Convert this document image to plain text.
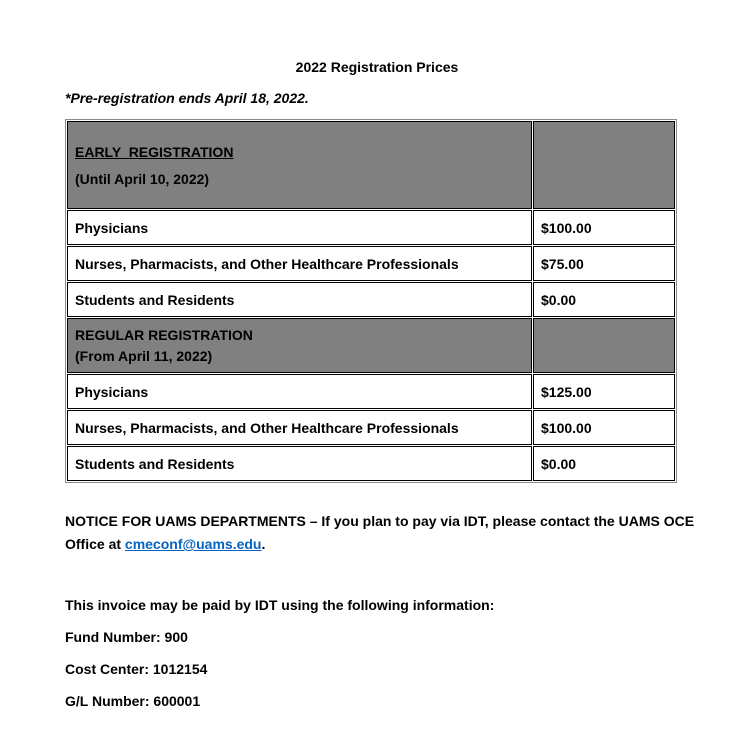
2022 Registration Prices
*Pre-registration ends April 18, 2022.
EARLY  REGISTRATION
(Until April 10, 2022)	

Physicians	$100.00
Nurses, Pharmacists, and Other Healthcare Professionals	$75.00
Students and Residents	$0.00

REGULAR REGISTRATION
(From April 11, 2022)	

Physicians	$125.00
Nurses, Pharmacists, and Other Healthcare Professionals	$100.00
Students and Residents	$0.00
NOTICE FOR UAMS DEPARTMENTS – If you plan to pay via IDT, please contact the UAMS OCE Office at cmeconf@uams.edu.
This invoice may be paid by IDT using the following information:
Fund Number: 900
Cost Center: 1012154
G/L Number: 600001
